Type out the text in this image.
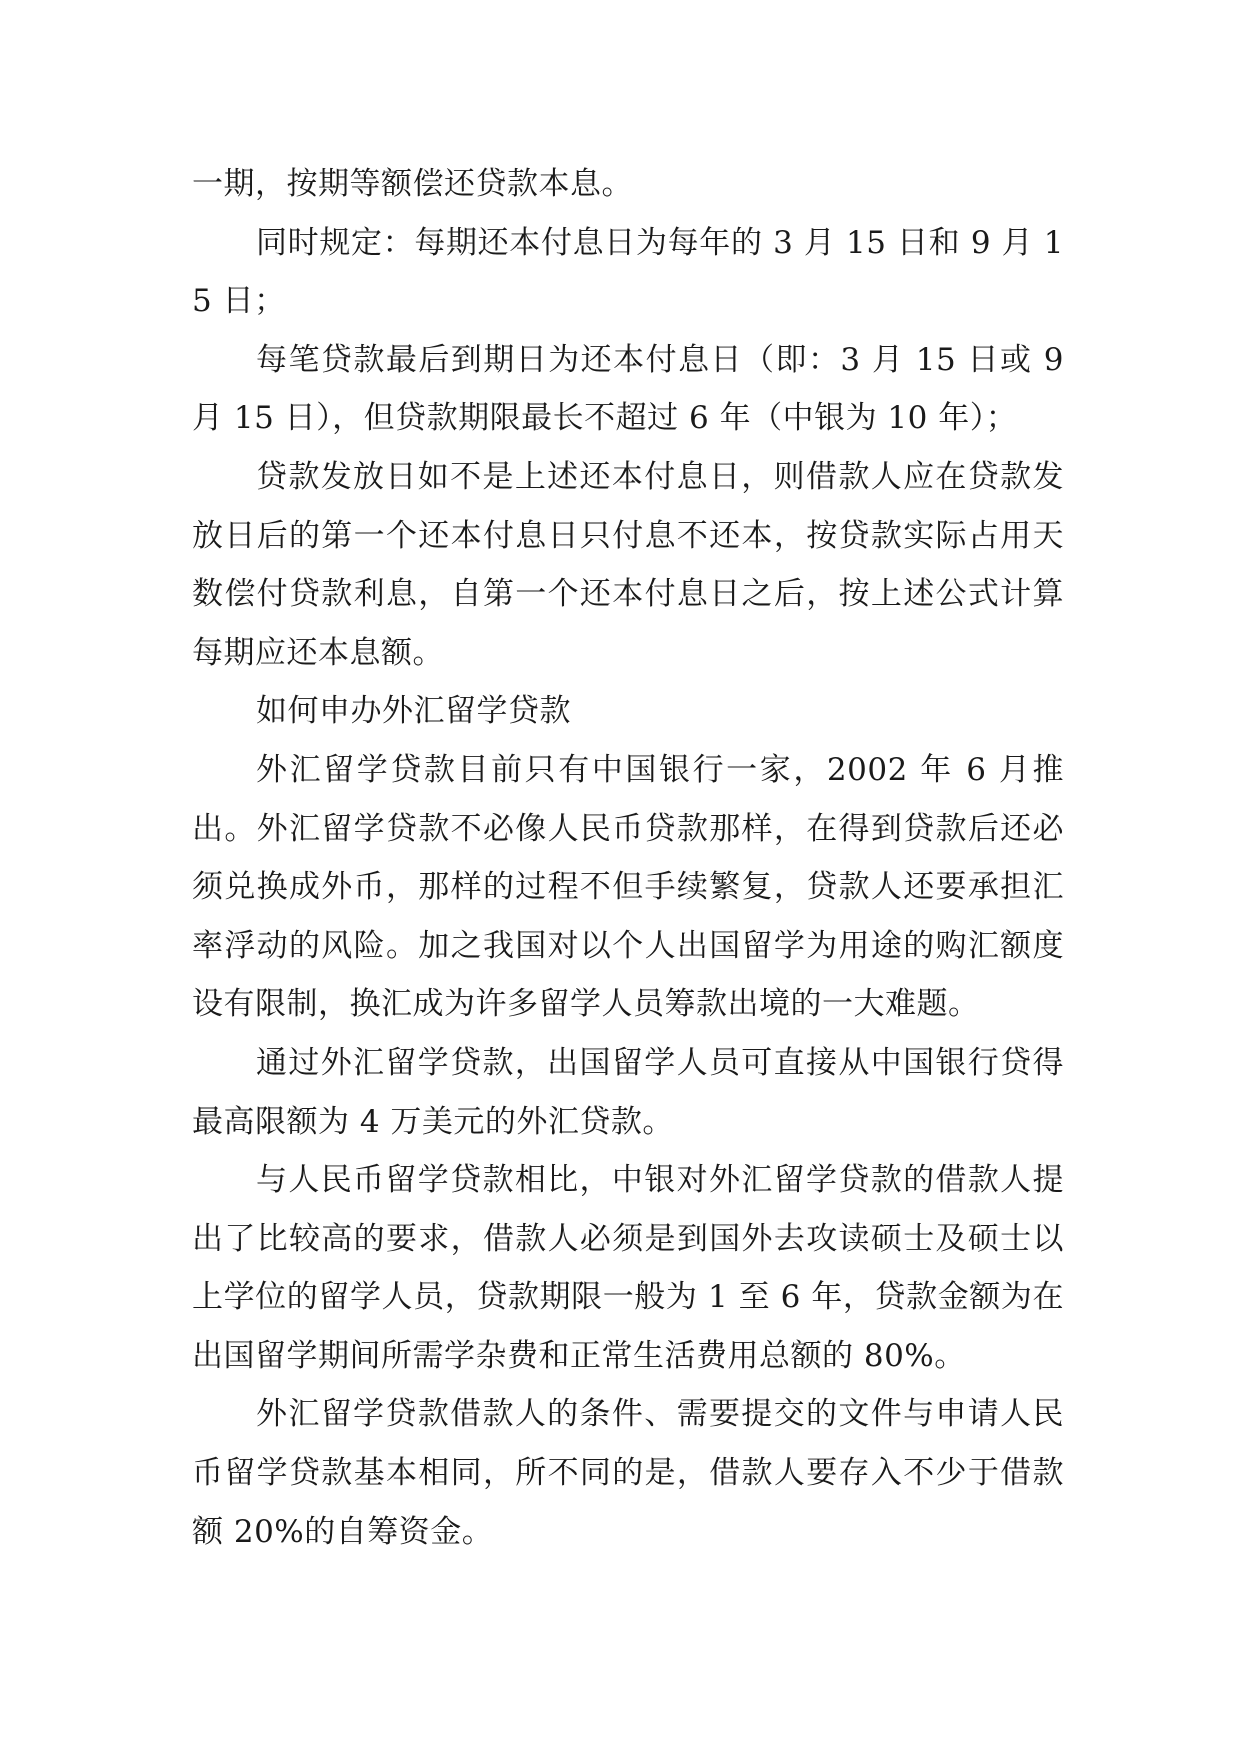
一期，按期等额偿还贷款本息。

同时规定：每期还本付息日为每年的 3 月 15 日和 9 月 15 日；

每笔贷款最后到期日为还本付息日（即：3 月 15 日或 9 月 15 日），但贷款期限最长不超过 6 年（中银为 10 年）；

贷款发放日如不是上述还本付息日，则借款人应在贷款发放日后的第一个还本付息日只付息不还本，按贷款实际占用天数偿付贷款利息，自第一个还本付息日之后，按上述公式计算每期应还本息额。

如何申办外汇留学贷款

外汇留学贷款目前只有中国银行一家，2002 年 6 月推出。外汇留学贷款不必像人民币贷款那样，在得到贷款后还必须兑换成外币，那样的过程不但手续繁复，贷款人还要承担汇率浮动的风险。加之我国对以个人出国留学为用途的购汇额度设有限制，换汇成为许多留学人员筹款出境的一大难题。

通过外汇留学贷款，出国留学人员可直接从中国银行贷得最高限额为 4 万美元的外汇贷款。

与人民币留学贷款相比，中银对外汇留学贷款的借款人提出了比较高的要求，借款人必须是到国外去攻读硕士及硕士以上学位的留学人员，贷款期限一般为 1 至 6 年，贷款金额为在出国留学期间所需学杂费和正常生活费用总额的 80%。

外汇留学贷款借款人的条件、需要提交的文件与申请人民币留学贷款基本相同，所不同的是，借款人要存入不少于借款额 20%的自筹资金。
